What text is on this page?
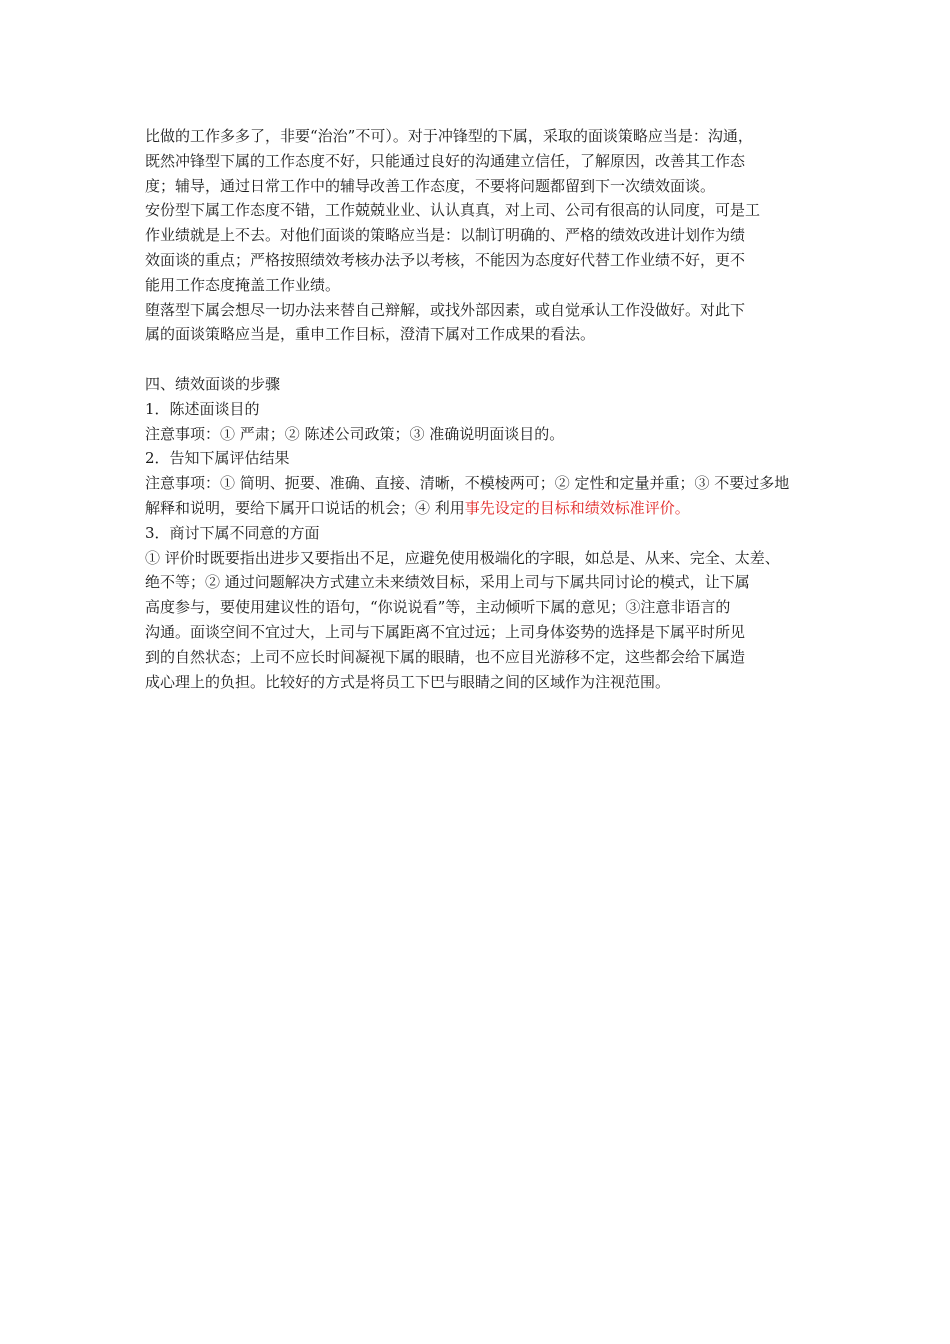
比做的工作多多了，非要“治治”不可）。对于冲锋型的下属，采取的面谈策略应当是：沟通，
既然冲锋型下属的工作态度不好，只能通过良好的沟通建立信任，了解原因，改善其工作态
度；辅导，通过日常工作中的辅导改善工作态度，不要将问题都留到下一次绩效面谈。
安份型下属工作态度不错，工作兢兢业业、认认真真，对上司、公司有很高的认同度，可是工
作业绩就是上不去。对他们面谈的策略应当是：以制订明确的、严格的绩效改进计划作为绩
效面谈的重点；严格按照绩效考核办法予以考核，不能因为态度好代替工作业绩不好，更不
能用工作态度掩盖工作业绩。
堕落型下属会想尽一切办法来替自己辩解，或找外部因素，或自觉承认工作没做好。对此下
属的面谈策略应当是，重申工作目标，澄清下属对工作成果的看法。
四、绩效面谈的步骤
1．陈述面谈目的
注意事项：① 严肃；② 陈述公司政策；③ 准确说明面谈目的。
2．告知下属评估结果
注意事项：① 简明、扼要、准确、直接、清晰，不模棱两可；② 定性和定量并重；③ 不要过多地
解释和说明，要给下属开口说话的机会；④ 利用事先设定的目标和绩效标准评价。
3．商讨下属不同意的方面
① 评价时既要指出进步又要指出不足，应避免使用极端化的字眼，如总是、从来、完全、太差、
绝不等；② 通过问题解决方式建立未来绩效目标，采用上司与下属共同讨论的模式，让下属
高度参与，要使用建议性的语句，“你说说看”等，主动倾听下属的意见；③注意非语言的
沟通。面谈空间不宜过大，上司与下属距离不宜过远；上司身体姿势的选择是下属平时所见
到的自然状态；上司不应长时间凝视下属的眼睛，也不应目光游移不定，这些都会给下属造
成心理上的负担。比较好的方式是将员工下巴与眼睛之间的区域作为注视范围。
